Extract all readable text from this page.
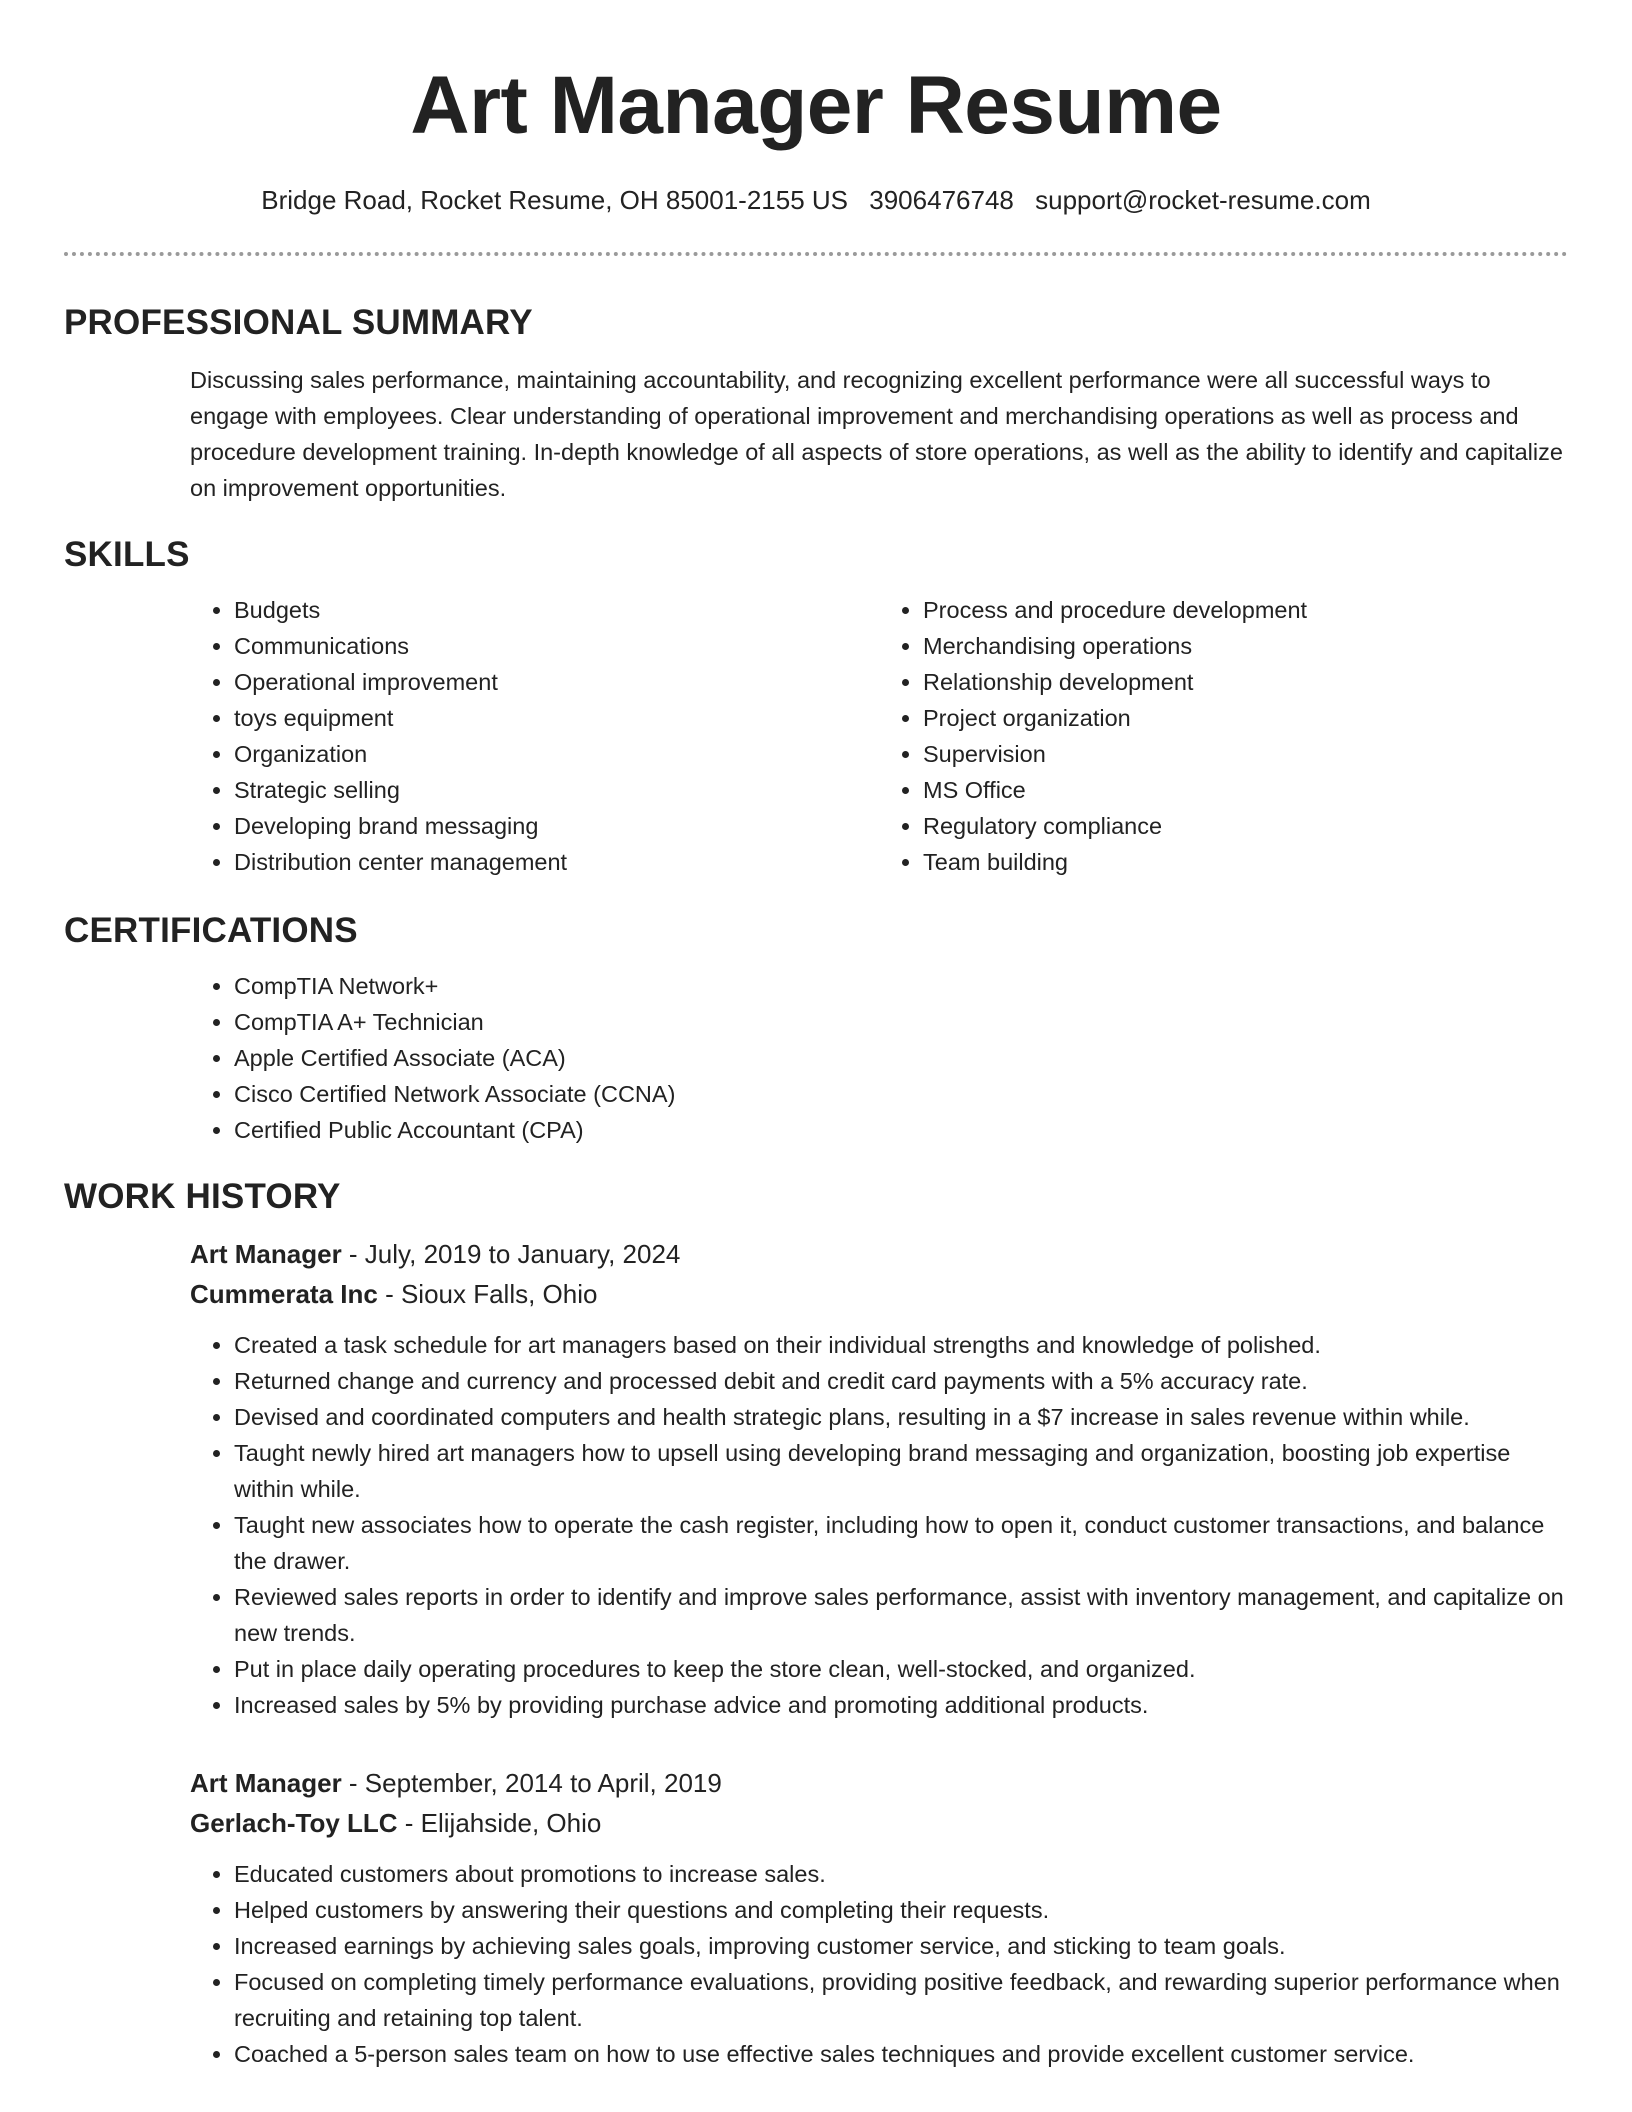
Art Manager Resume
Bridge Road, Rocket Resume, OH 85001-2155 US 3906476748 support@rocket-resume.com
PROFESSIONAL SUMMARY
Discussing sales performance, maintaining accountability, and recognizing excellent performance were all successful ways to engage with employees. Clear understanding of operational improvement and merchandising operations as well as process and procedure development training. In-depth knowledge of all aspects of store operations, as well as the ability to identify and capitalize on improvement opportunities.
SKILLS
• Budgets
• Communications
• Operational improvement
• toys equipment
• Organization
• Strategic selling
• Developing brand messaging
• Distribution center management
• Process and procedure development
• Merchandising operations
• Relationship development
• Project organization
• Supervision
• MS Office
• Regulatory compliance
• Team building
CERTIFICATIONS
• CompTIA Network+
• CompTIA A+ Technician
• Apple Certified Associate (ACA)
• Cisco Certified Network Associate (CCNA)
• Certified Public Accountant (CPA)
WORK HISTORY
Art Manager - July, 2019 to January, 2024
Cummerata Inc - Sioux Falls, Ohio
• Created a task schedule for art managers based on their individual strengths and knowledge of polished.
• Returned change and currency and processed debit and credit card payments with a 5% accuracy rate.
• Devised and coordinated computers and health strategic plans, resulting in a $7 increase in sales revenue within while.
• Taught newly hired art managers how to upsell using developing brand messaging and organization, boosting job expertise within while.
• Taught new associates how to operate the cash register, including how to open it, conduct customer transactions, and balance the drawer.
• Reviewed sales reports in order to identify and improve sales performance, assist with inventory management, and capitalize on new trends.
• Put in place daily operating procedures to keep the store clean, well-stocked, and organized.
• Increased sales by 5% by providing purchase advice and promoting additional products.
Art Manager - September, 2014 to April, 2019
Gerlach-Toy LLC - Elijahside, Ohio
• Educated customers about promotions to increase sales.
• Helped customers by answering their questions and completing their requests.
• Increased earnings by achieving sales goals, improving customer service, and sticking to team goals.
• Focused on completing timely performance evaluations, providing positive feedback, and rewarding superior performance when recruiting and retaining top talent.
• Coached a 5-person sales team on how to use effective sales techniques and provide excellent customer service.
